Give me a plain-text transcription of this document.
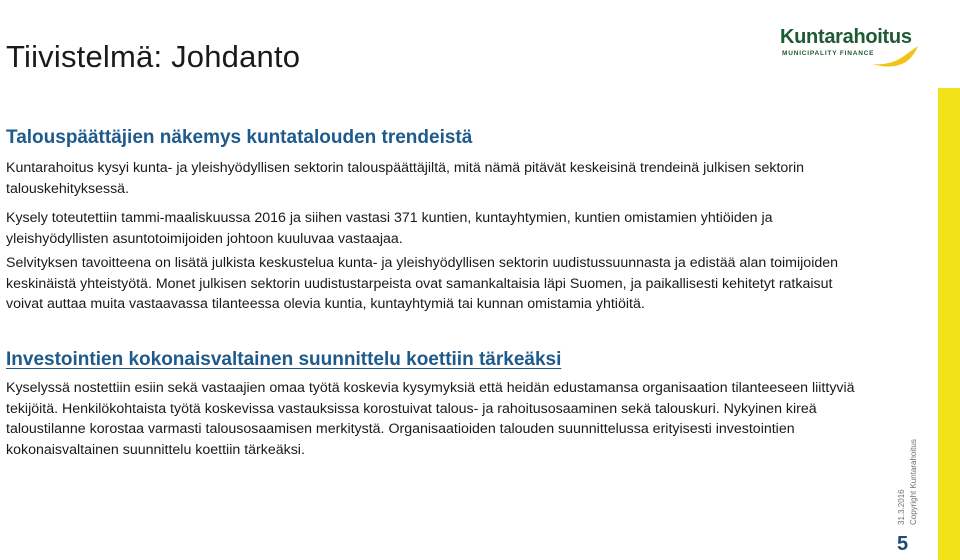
Tiivistelmä: Johdanto
Kuntarahoitus
MUNICIPALITY FINANCE
Talouspäättäjien näkemys kuntatalouden trendeistä

Kuntarahoitus kysyi kunta- ja yleishyödyllisen sektorin talouspäättäjiltä, mitä nämä pitävät keskeisinä trendeinä julkisen sektorin talouskehityksessä.

Kysely toteutettiin tammi-maaliskuussa 2016 ja siihen vastasi 371 kuntien, kuntayhtymien, kuntien omistamien yhtiöiden ja yleishyödyllisten asuntotoimijoiden johtoon kuuluvaa vastaajaa.

Selvityksen tavoitteena on lisätä julkista keskustelua kunta- ja yleishyödyllisen sektorin uudistussuunnasta ja edistää alan toimijoiden keskinäistä yhteistyötä. Monet julkisen sektorin uudistustarpeista ovat samankaltaisia läpi Suomen, ja paikallisesti kehitetyt ratkaisut voivat auttaa muita vastaavassa tilanteessa olevia kuntia, kuntayhtymiä tai kunnan omistamia yhtiöitä.

Investointien kokonaisvaltainen suunnittelu koettiin tärkeäksi

Kyselyssä nostettiin esiin sekä vastaajien omaa työtä koskevia kysymyksiä että heidän edustamansa organisaation tilanteeseen liittyviä tekijöitä. Henkilökohtaista työtä koskevissa vastauksissa korostuivat talous- ja rahoitusosaaminen sekä talouskuri. Nykyinen kireä taloustilanne korostaa varmasti talousosaamisen merkitystä. Organisaatioiden talouden suunnittelussa erityisesti investointien kokonaisvaltainen suunnittelu koettiin tärkeäksi.	Copyright Kuntarahoitus
31.3.2016
5
